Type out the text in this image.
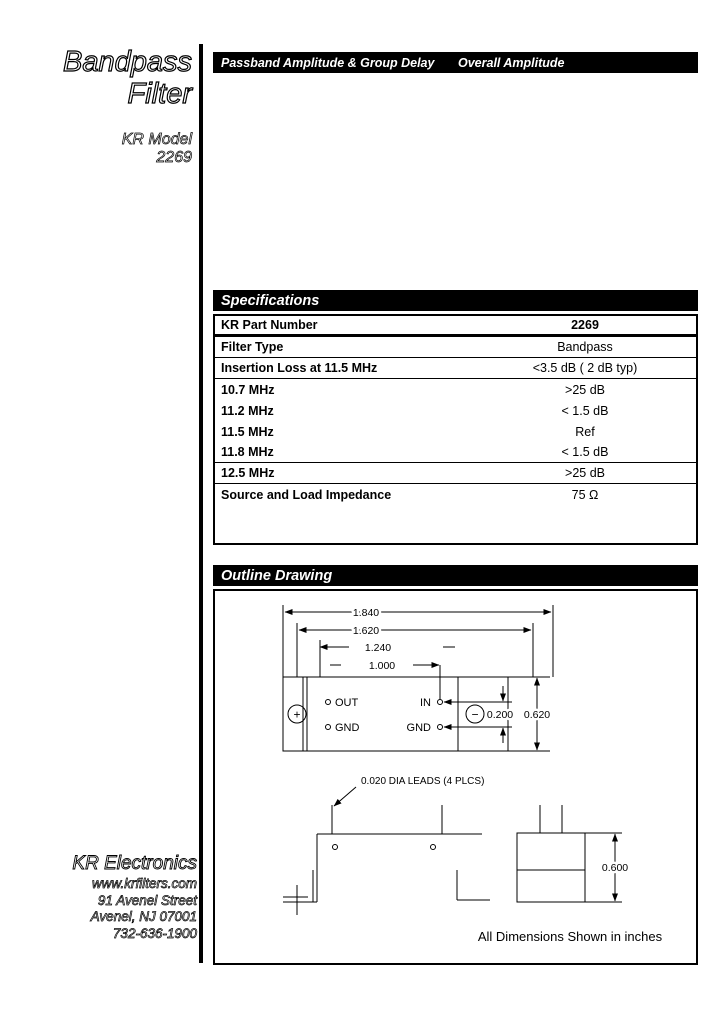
Bandpass
Filter
KR Model
2269
KR Electronics
www.krfilters.com
91 Avenel Street
Avenel, NJ 07001
732-636-1900
Passband Amplitude & Group Delay Overall Amplitude
Specifications
KR Part Number	2269
Filter Type	Bandpass
Insertion Loss at 11.5 MHz	<3.5 dB ( 2 dB typ)
10.7 MHz	>25 dB
11.2 MHz	< 1.5 dB
11.5 MHz	Ref
11.8 MHz	< 1.5 dB
12.5 MHz	>25 dB
Source and Load Impedance	75 Ω
Outline Drawing
1.840
1.620
1.240
1.000
+	−
OUT
GND
IN
GND
0.200 0.620
0.020 DIA LEADS (4 PLCS)
0.600
All Dimensions Shown in inches
